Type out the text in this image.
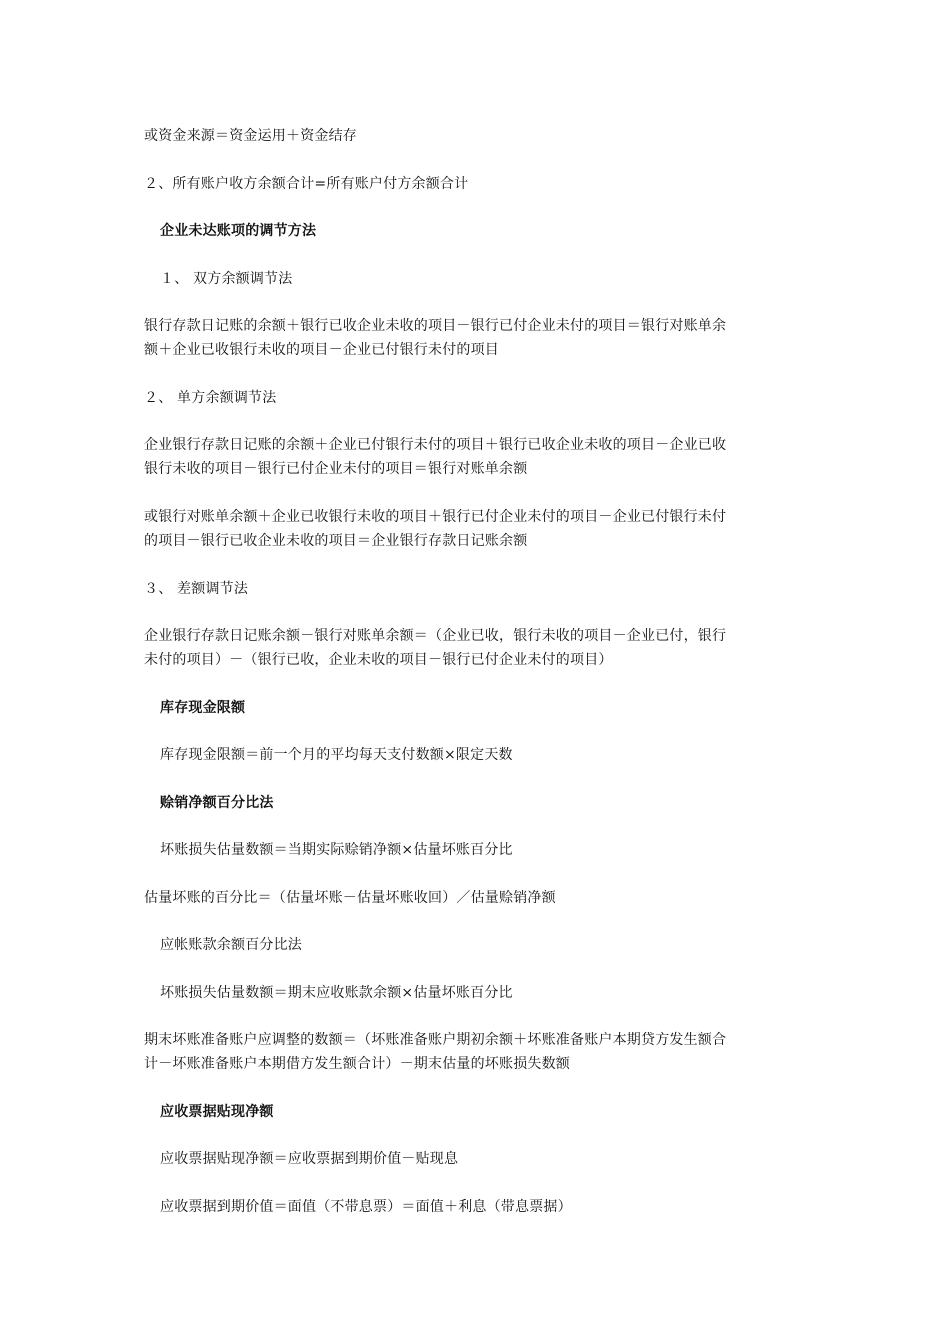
或资金来源＝资金运用＋资金结存
２、所有账户收方余额合计=所有账户付方余额合计
企业未达账项的调节方法
１、 双方余额调节法
银行存款日记账的余额＋银行已收企业未收的项目－银行已付企业未付的项目＝银行对账单余
额＋企业已收银行未收的项目－企业已付银行未付的项目
２、 单方余额调节法
企业银行存款日记账的余额＋企业已付银行未付的项目＋银行已收企业未收的项目－企业已收
银行未收的项目－银行已付企业未付的项目＝银行对账单余额
或银行对账单余额＋企业已收银行未收的项目＋银行已付企业未付的项目－企业已付银行未付
的项目－银行已收企业未收的项目＝企业银行存款日记账余额
３、 差额调节法
企业银行存款日记账余额－银行对账单余额＝（企业已收，银行未收的项目－企业已付，银行
未付的项目）－（银行已收，企业未收的项目－银行已付企业未付的项目）
库存现金限额
库存现金限额＝前一个月的平均每天支付数额×限定天数
赊销净额百分比法
坏账损失估量数额＝当期实际赊销净额×估量坏账百分比
估量坏账的百分比＝（估量坏账－估量坏账收回）／估量赊销净额
应帐账款余额百分比法
坏账损失估量数额＝期末应收账款余额×估量坏账百分比
期末坏账准备账户应调整的数额＝（坏账准备账户期初余额＋坏账准备账户本期贷方发生额合
计－坏账准备账户本期借方发生额合计）－期末估量的坏账损失数额
应收票据贴现净额
应收票据贴现净额＝应收票据到期价值－贴现息
应收票据到期价值＝面值（不带息票）＝面值＋利息（带息票据）
